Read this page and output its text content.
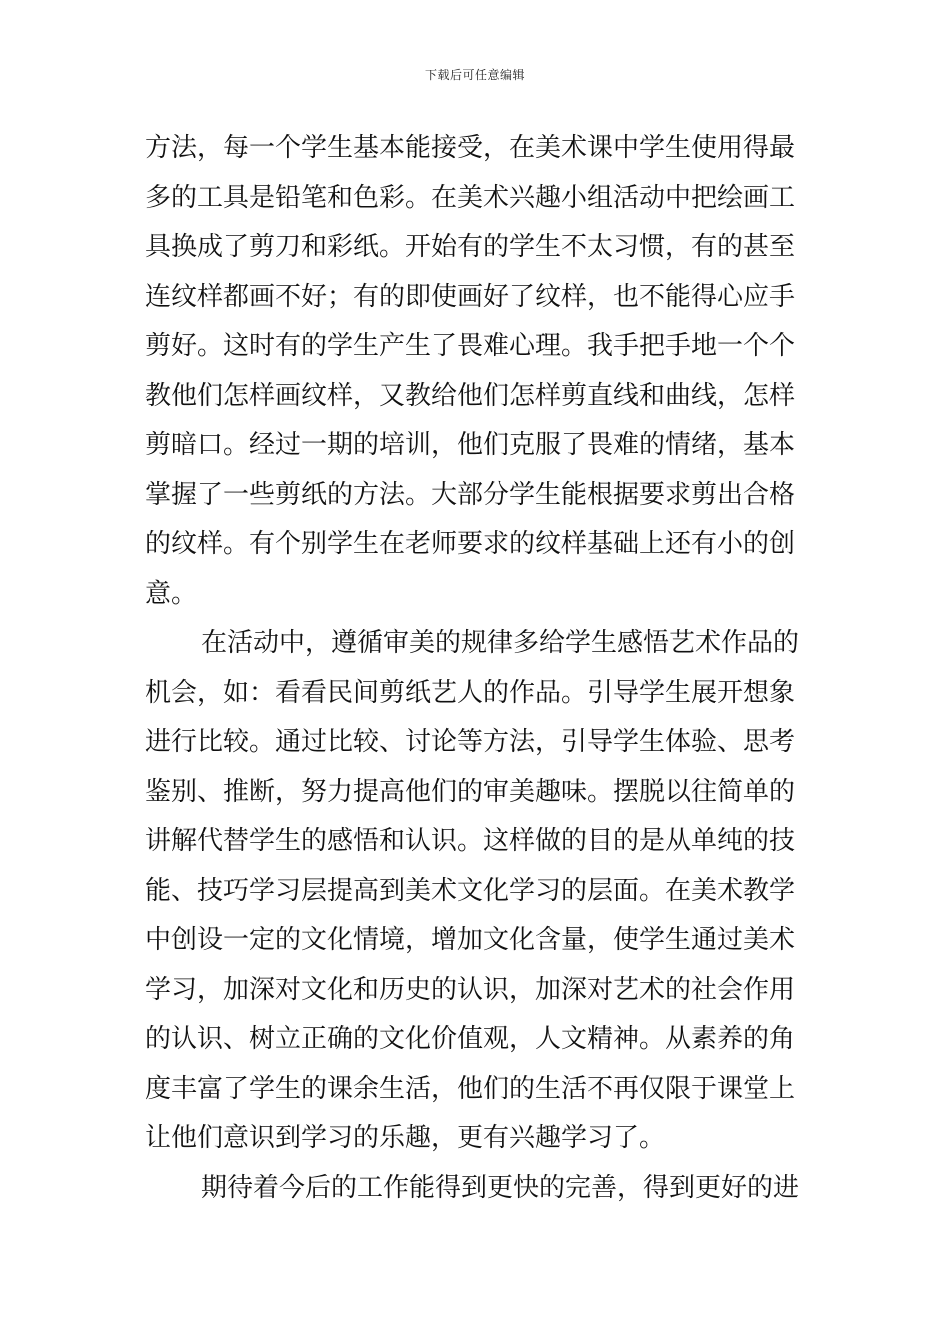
下载后可任意编辑
方法，每一个学生基本能接受，在美术课中学生使用得最
多的工具是铅笔和色彩。在美术兴趣小组活动中把绘画工
具换成了剪刀和彩纸。开始有的学生不太习惯，有的甚至
连纹样都画不好；有的即使画好了纹样，也不能得心应手
剪好。这时有的学生产生了畏难心理。我手把手地一个个
教他们怎样画纹样，又教给他们怎样剪直线和曲线，怎样
剪暗口。经过一期的培训，他们克服了畏难的情绪，基本
掌握了一些剪纸的方法。大部分学生能根据要求剪出合格
的纹样。有个别学生在老师要求的纹样基础上还有小的创
意。
在活动中，遵循审美的规律多给学生感悟艺术作品的
机会，如：看看民间剪纸艺人的作品。引导学生展开想象
进行比较。通过比较、讨论等方法，引导学生体验、思考
鉴别、推断，努力提高他们的审美趣味。摆脱以往简单的
讲解代替学生的感悟和认识。这样做的目的是从单纯的技
能、技巧学习层提高到美术文化学习的层面。在美术教学
中创设一定的文化情境，增加文化含量，使学生通过美术
学习，加深对文化和历史的认识，加深对艺术的社会作用
的认识、树立正确的文化价值观，人文精神。从素养的角
度丰富了学生的课余生活，他们的生活不再仅限于课堂上
让他们意识到学习的乐趣，更有兴趣学习了。
期待着今后的工作能得到更快的完善，得到更好的进
